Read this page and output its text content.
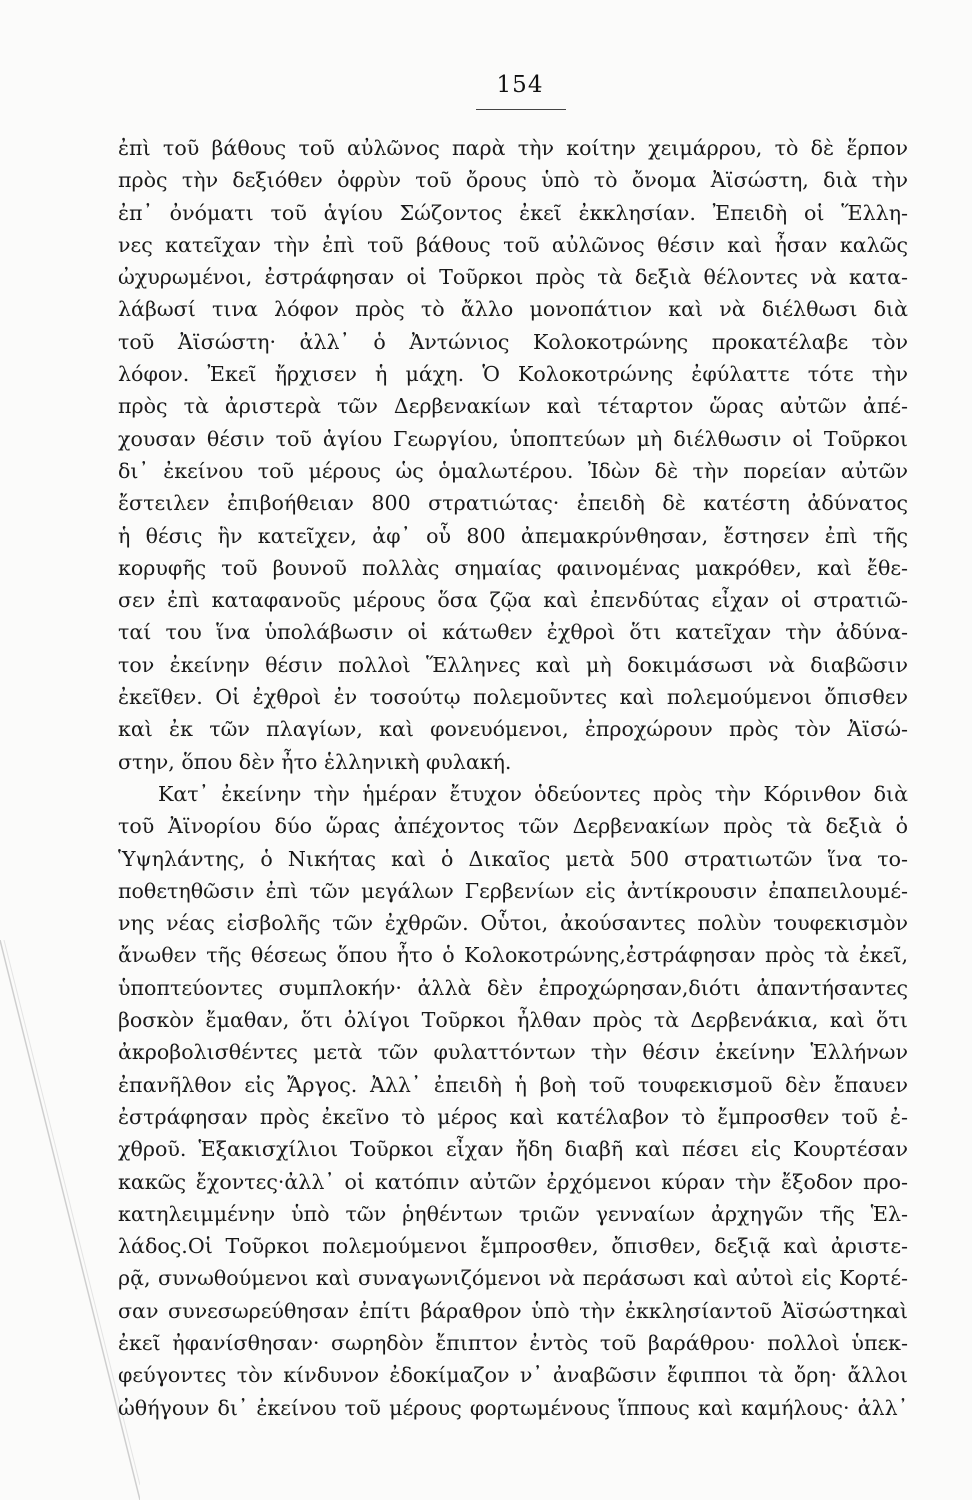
154
ἐπὶ τοῦ βάθους τοῦ αὐλῶνος παρὰ τὴν κοίτην χειμάρρου, τὸ δὲ ἕρπον
πρὸς τὴν δεξιόθεν ὀφρὺν τοῦ ὄρους ὑπὸ τὸ ὄνομα Ἀϊσώστη, διὰ τὴν
ἐπ᾽ ὀνόματι τοῦ ἁγίου Σώζοντος ἐκεῖ ἐκκλησίαν. Ἐπειδὴ οἱ Ἕλλη-
νες κατεῖχαν τὴν ἐπὶ τοῦ βάθους τοῦ αὐλῶνος θέσιν καὶ ἦσαν καλῶς
ὠχυρωμένοι, ἐστράφησαν οἱ Τοῦρκοι πρὸς τὰ δεξιὰ θέλοντες νὰ κατα-
λάβωσί τινα λόφον πρὸς τὸ ἄλλο μονοπάτιον καὶ νὰ διέλθωσι διὰ
τοῦ Ἀϊσώστη· ἀλλ᾽ ὁ Ἀντώνιος Κολοκοτρώνης προκατέλαβε τὸν
λόφον. Ἐκεῖ ἤρχισεν ἡ μάχη. Ὁ Κολοκοτρώνης ἐφύλαττε τότε τὴν
πρὸς τὰ ἀριστερὰ τῶν Δερβενακίων καὶ τέταρτον ὥρας αὐτῶν ἀπέ-
χουσαν θέσιν τοῦ ἁγίου Γεωργίου, ὑποπτεύων μὴ διέλθωσιν οἱ Τοῦρκοι
δι᾽ ἐκείνου τοῦ μέρους ὡς ὁμαλωτέρου. Ἰδὼν δὲ τὴν πορείαν αὐτῶν
ἔστειλεν ἐπιβοήθειαν 800 στρατιώτας· ἐπειδὴ δὲ κατέστη ἀδύνατος
ἡ θέσις ἣν κατεῖχεν, ἀφ᾽ οὗ 800 ἀπεμακρύνθησαν, ἔστησεν ἐπὶ τῆς
κορυφῆς τοῦ βουνοῦ πολλὰς σημαίας φαινομένας μακρόθεν, καὶ ἔθε-
σεν ἐπὶ καταφανοῦς μέρους ὅσα ζῷα καὶ ἐπενδύτας εἶχαν οἱ στρατιῶ-
ταί του ἵνα ὑπολάβωσιν οἱ κάτωθεν ἐχθροὶ ὅτι κατεῖχαν τὴν ἀδύνα-
τον ἐκείνην θέσιν πολλοὶ Ἕλληνες καὶ μὴ δοκιμάσωσι νὰ διαβῶσιν
ἐκεῖθεν. Οἱ ἐχθροὶ ἐν τοσούτῳ πολεμοῦντες καὶ πολεμούμενοι ὄπισθεν
καὶ ἐκ τῶν πλαγίων, καὶ φονευόμενοι, ἐπροχώρουν πρὸς τὸν Ἀϊσώ-
στην, ὅπου δὲν ἦτο ἑλληνικὴ φυλακή.
Κατ᾽ ἐκείνην τὴν ἡμέραν ἔτυχον ὁδεύοντες πρὸς τὴν Κόρινθον διὰ
τοῦ Ἀϊνορίου δύο ὥρας ἀπέχοντος τῶν Δερβενακίων πρὸς τὰ δεξιὰ ὁ
Ὑψηλάντης, ὁ Νικήτας καὶ ὁ Δικαῖος μετὰ 500 στρατιωτῶν ἵνα το-
ποθετηθῶσιν ἐπὶ τῶν μεγάλων Γερβενίων εἰς ἀντίκρουσιν ἐπαπειλουμέ-
νης νέας εἰσβολῆς τῶν ἐχθρῶν. Οὗτοι, ἀκούσαντες πολὺν τουφεκισμὸν
ἄνωθεν τῆς θέσεως ὅπου ἦτο ὁ Κολοκοτρώνης,ἐστράφησαν πρὸς τὰ ἐκεῖ,
ὑποπτεύοντες συμπλοκήν· ἀλλὰ δὲν ἐπροχώρησαν,διότι ἀπαντήσαντες
βοσκὸν ἔμαθαν, ὅτι ὀλίγοι Τοῦρκοι ἦλθαν πρὸς τὰ Δερβενάκια, καὶ ὅτι
ἀκροβολισθέντες μετὰ τῶν φυλαττόντων τὴν θέσιν ἐκείνην Ἑλλήνων
ἐπανῆλθον εἰς Ἄργος. Ἀλλ᾽ ἐπειδὴ ἡ βοὴ τοῦ τουφεκισμοῦ δὲν ἔπαυεν
ἐστράφησαν πρὸς ἐκεῖνο τὸ μέρος καὶ κατέλαβον τὸ ἔμπροσθεν τοῦ ἐ-
χθροῦ. Ἑξακισχίλιοι Τοῦρκοι εἶχαν ἤδη διαβῆ καὶ πέσει εἰς Κουρτέσαν
κακῶς ἔχοντες·ἀλλ᾽ οἱ κατόπιν αὐτῶν ἐρχόμενοι κύραν τὴν ἔξοδον προ-
κατηλειμμένην ὑπὸ τῶν ῥηθέντων τριῶν γενναίων ἀρχηγῶν τῆς Ἑλ-
λάδος.Οἱ Τοῦρκοι πολεμούμενοι ἔμπροσθεν, ὄπισθεν, δεξιᾷ καὶ ἀριστε-
ρᾷ, συνωθούμενοι καὶ συναγωνιζόμενοι νὰ περάσωσι καὶ αὐτοὶ εἰς Κορτέ-
σαν συνεσωρεύθησαν ἐπίτι βάραθρον ὑπὸ τὴν ἐκκλησίαντοῦ Ἀϊσώστηκαὶ
ἐκεῖ ἠφανίσθησαν· σωρηδὸν ἔπιπτον ἐντὸς τοῦ βαράθρου· πολλοὶ ὑπεκ-
φεύγοντες τὸν κίνδυνον ἐδοκίμαζον ν᾽ ἀναβῶσιν ἔφιπποι τὰ ὄρη· ἄλλοι
ὠθήγουν δι᾽ ἐκείνου τοῦ μέρους φορτωμένους ἵππους καὶ καμήλους· ἀλλ᾽
